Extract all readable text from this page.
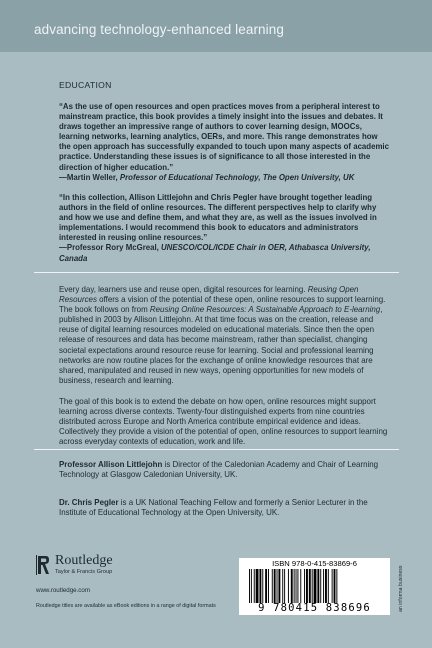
advancing technology-enhanced learning
EDUCATION
“As the use of open resources and open practices moves from a peripheral interest to mainstream practice, this book provides a timely insight into the issues and debates. It draws together an impressive range of authors to cover learning design, MOOCs, learning networks, learning analytics, OERs, and more. This range demonstrates how the open approach has successfully expanded to touch upon many aspects of academic practice. Understanding these issues is of significance to all those interested in the direction of higher education.”
—Martin Weller, Professor of Educational Technology, The Open University, UK
“In this collection, Allison Littlejohn and Chris Pegler have brought together leading authors in the field of online resources. The different perspectives help to clarify why and how we use and define them, and what they are, as well as the issues involved in implementations. I would recommend this book to educators and administrators interested in reusing online resources.”
—Professor Rory McGreal, UNESCO/COL/ICDE Chair in OER, Athabasca University, Canada
Every day, learners use and reuse open, digital resources for learning. Reusing Open Resources offers a vision of the potential of these open, online resources to support learning. The book follows on from Reusing Online Resources: A Sustainable Approach to E-learning, published in 2003 by Allison Littlejohn. At that time focus was on the creation, release and reuse of digital learning resources modeled on educational materials. Since then the open release of resources and data has become mainstream, rather than specialist, changing societal expectations around resource reuse for learning. Social and professional learning networks are now routine places for the exchange of online knowledge resources that are shared, manipulated and reused in new ways, opening opportunities for new models of business, research and learning.
The goal of this book is to extend the debate on how open, online resources might support learning across diverse contexts. Twenty-four distinguished experts from nine countries distributed across Europe and North America contribute empirical evidence and ideas. Collectively they provide a vision of the potential of open, online resources to support learning across everyday contexts of education, work and life.
Professor Allison Littlejohn is Director of the Caledonian Academy and Chair of Learning Technology at Glasgow Caledonian University, UK.
Dr. Chris Pegler is a UK National Teaching Fellow and formerly a Senior Lecturer in the Institute of Educational Technology at the Open University, UK.
Routledge
Taylor & Francis Group
www.routledge.com
Routledge titles are available as eBook editions in a range of digital formats
ISBN 978-0-415-83869-6
9 780415 838696	an informa business
